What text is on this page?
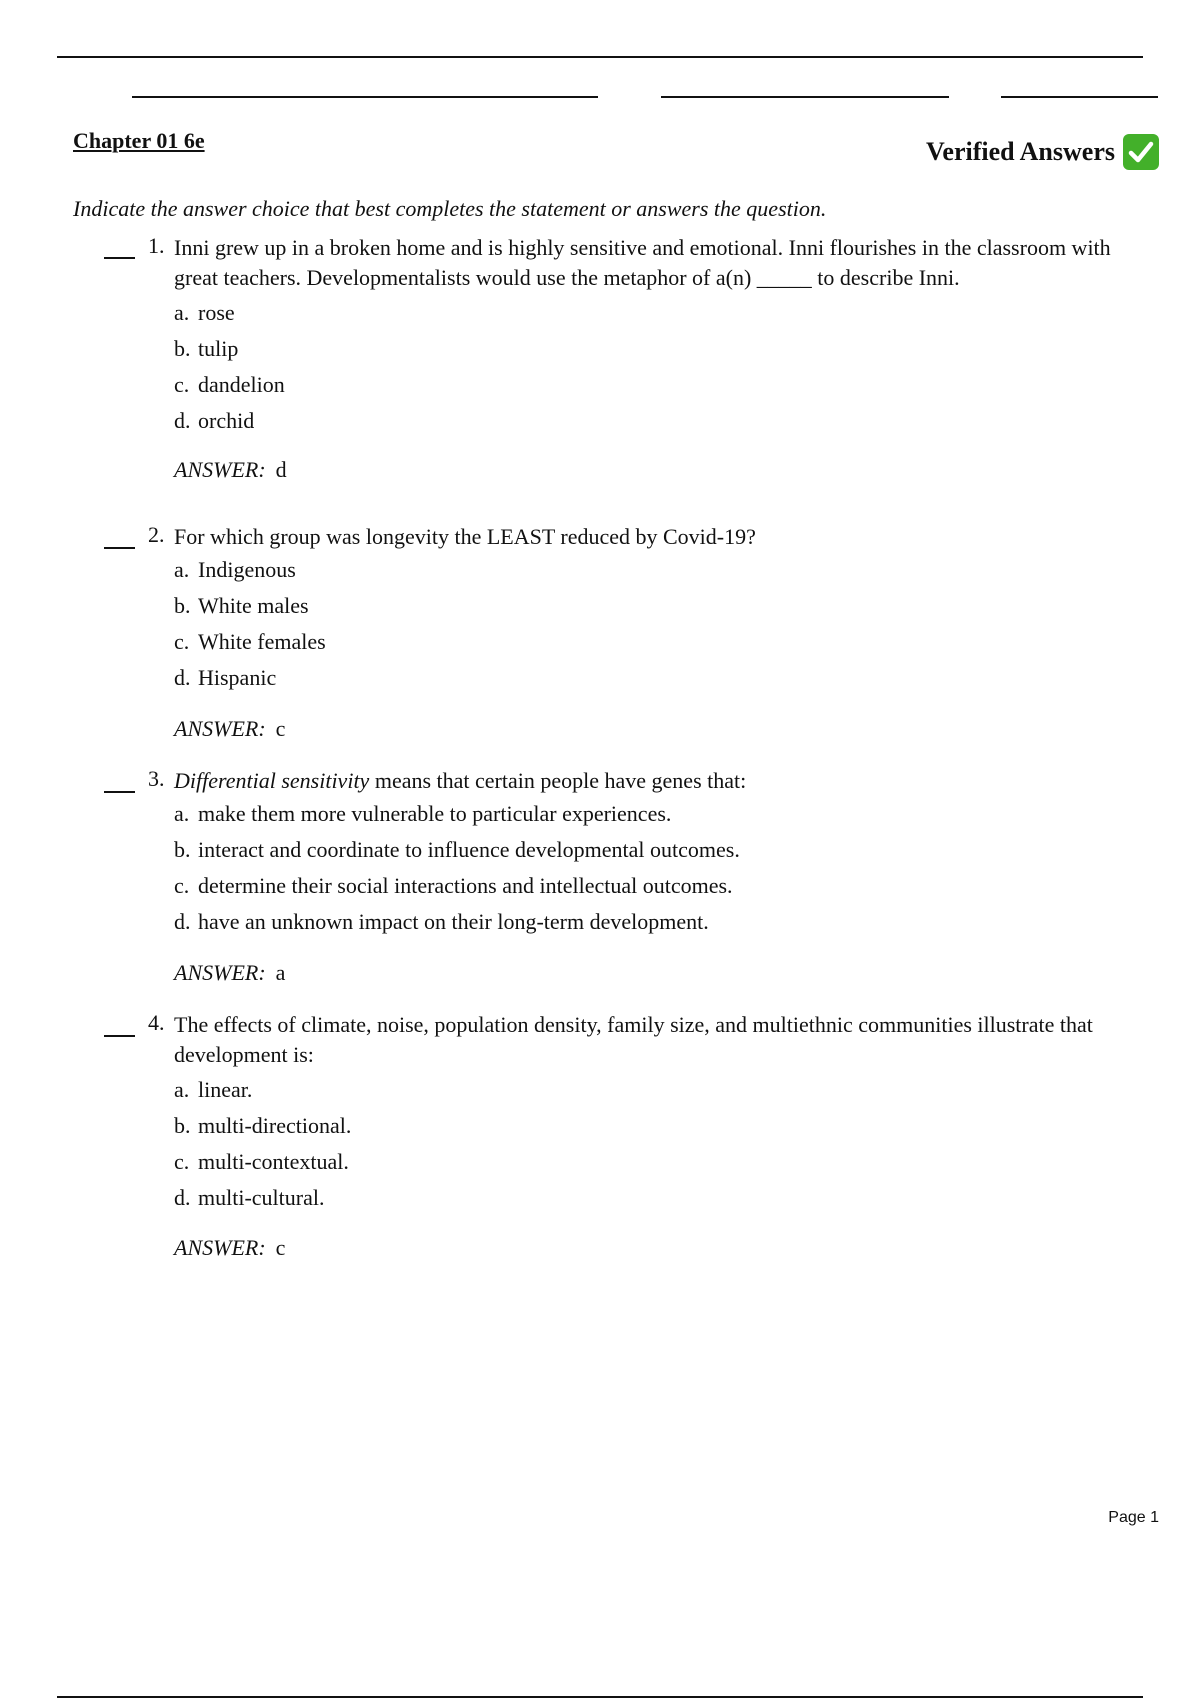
Chapter 01 6e	Verified Answers
Indicate the answer choice that best completes the statement or answers the question.
1. Inni grew up in a broken home and is highly sensitive and emotional. Inni flourishes in the classroom with great teachers. Developmentalists would use the metaphor of a(n) _____ to describe Inni.
a. rose
b. tulip
c. dandelion
d. orchid
ANSWER: d
2. For which group was longevity the LEAST reduced by Covid-19?
a. Indigenous
b. White males
c. White females
d. Hispanic
ANSWER: c
3. Differential sensitivity means that certain people have genes that:
a. make them more vulnerable to particular experiences.
b. interact and coordinate to influence developmental outcomes.
c. determine their social interactions and intellectual outcomes.
d. have an unknown impact on their long-term development.
ANSWER: a
4. The effects of climate, noise, population density, family size, and multiethnic communities illustrate that development is:
a. linear.
b. multi-directional.
c. multi-contextual.
d. multi-cultural.
ANSWER: c
Page 1
